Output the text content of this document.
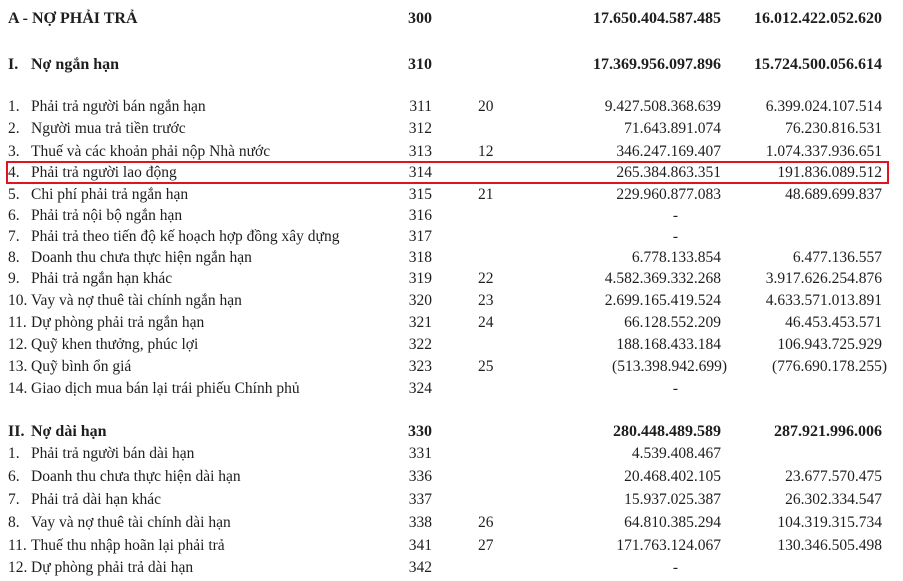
A - NỢ PHẢI TRẢ	300	17.650.404.587.485	16.012.422.052.620
I. Nợ ngắn hạn	310	17.369.956.097.896	15.724.500.056.614
1. Phải trả người bán ngắn hạn	311	20	9.427.508.368.639	6.399.024.107.514
2. Người mua trả tiền trước	312	71.643.891.074	76.230.816.531
3. Thuế và các khoản phải nộp Nhà nước	313	12	346.247.169.407	1.074.337.936.651
4. Phải trả người lao động	314	265.384.863.351	191.836.089.512
5. Chi phí phải trả ngắn hạn	315	21	229.960.877.083	48.689.699.837
6. Phải trả nội bộ ngắn hạn	316	-
7. Phải trả theo tiến độ kế hoạch hợp đồng xây dựng	317	-
8. Doanh thu chưa thực hiện ngắn hạn	318	6.778.133.854	6.477.136.557
9. Phải trả ngắn hạn khác	319	22	4.582.369.332.268	3.917.626.254.876
10. Vay và nợ thuê tài chính ngắn hạn	320	23	2.699.165.419.524	4.633.571.013.891
11. Dự phòng phải trả ngắn hạn	321	24	66.128.552.209	46.453.453.571
12. Quỹ khen thưởng, phúc lợi	322	188.168.433.184	106.943.725.929
13. Quỹ bình ổn giá	323	25	(513.398.942.699)	(776.690.178.255)
14. Giao dịch mua bán lại trái phiếu Chính phủ	324	-
II. Nợ dài hạn	330	280.448.489.589	287.921.996.006
1. Phải trả người bán dài hạn	331	4.539.408.467
6. Doanh thu chưa thực hiện dài hạn	336	20.468.402.105	23.677.570.475
7. Phải trả dài hạn khác	337	15.937.025.387	26.302.334.547
8. Vay và nợ thuê tài chính dài hạn	338	26	64.810.385.294	104.319.315.734
11. Thuế thu nhập hoãn lại phải trả	341	27	171.763.124.067	130.346.505.498
12. Dự phòng phải trả dài hạn	342	-
